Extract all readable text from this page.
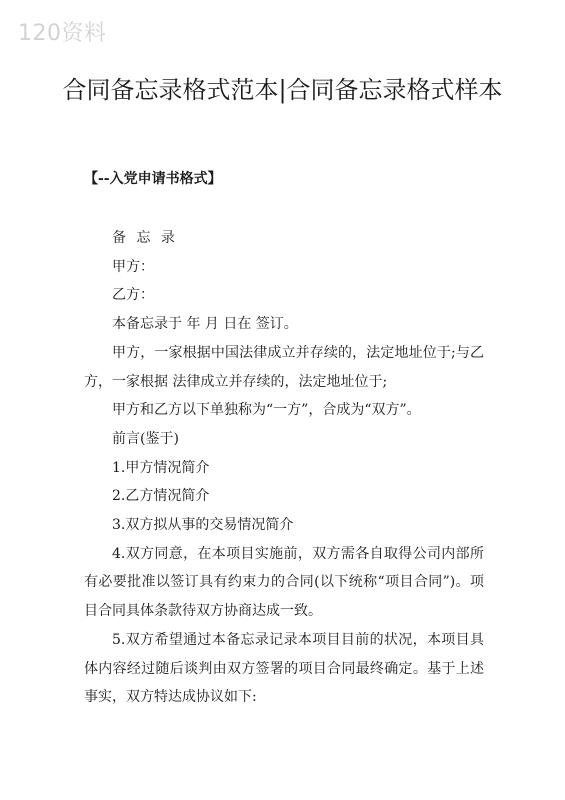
120资料
合同备忘录格式范本|合同备忘录格式样本
【--入党申请书格式】

备 忘 录

甲方：

乙方：

本备忘录于 年 月 日在 签订。

甲方，一家根据中国法律成立并存续的，法定地址位于;与乙方，一家根据 法律成立并存续的，法定地址位于;

甲方和乙方以下单独称为“一方”，合成为“双方”。

前言(鉴于)

1.甲方情况简介

2.乙方情况简介

3.双方拟从事的交易情况简介

4.双方同意，在本项目实施前，双方需各自取得公司内部所有必要批准以签订具有约束力的合同(以下统称“项目合同”)。项目合同具体条款待双方协商达成一致。

5.双方希望通过本备忘录记录本项目目前的状况，本项目具体内容经过随后谈判由双方签署的项目合同最终确定。基于上述事实，双方特达成协议如下:
